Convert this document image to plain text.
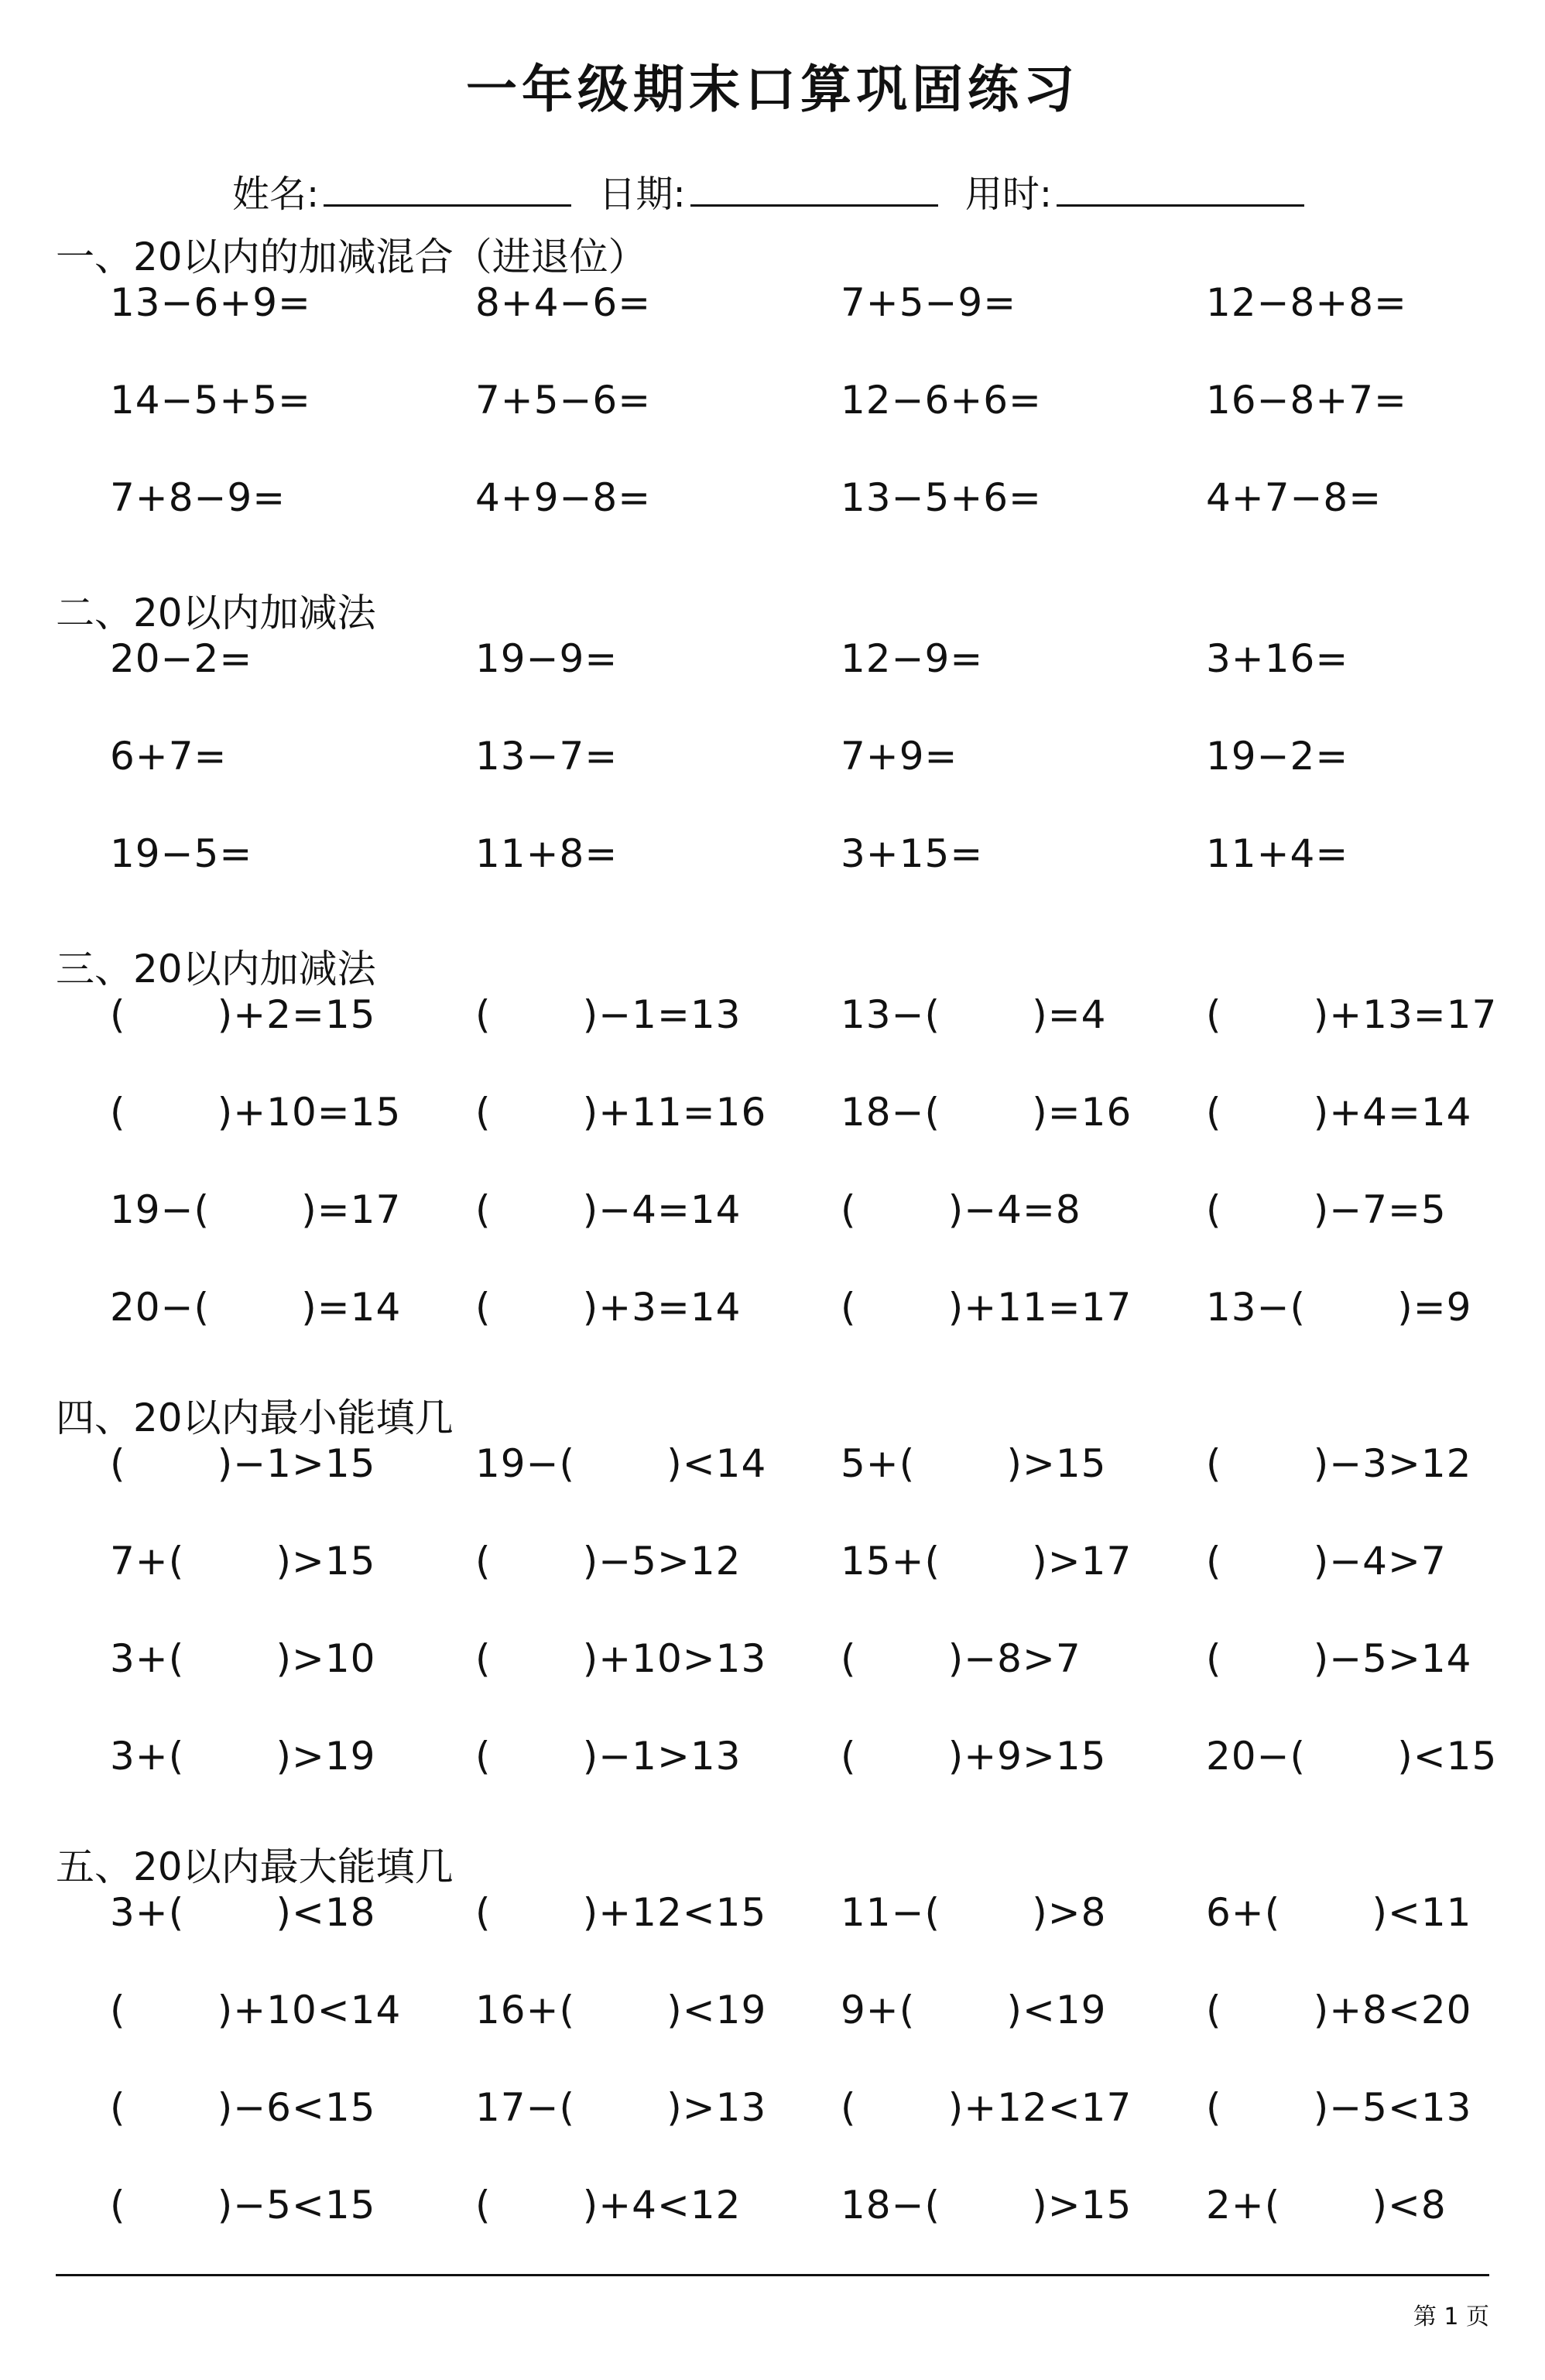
一年级期末口算巩固练习
姓名:	日期:	用时:
一、20以内的加减混合（进退位）
13−6+9=	8+4−6=	7+5−9=	12−8+8=
14−5+5=	7+5−6=	12−6+6=	16−8+7=
7+8−9=	4+9−8=	13−5+6=	4+7−8=
二、20以内加减法
20−2=	19−9=	12−9=	3+16=
6+7=	13−7=	7+9=	19−2=
19−5=	11+8=	3+15=	11+4=
三、20以内加减法
(       )+2=15	(       )−1=13	13−(       )=4	(       )+13=17
(       )+10=15 (       )+11=16 18−(       )=16 (       )+4=14
19−(       )=17 (       )−4=14	(       )−4=8	(       )−7=5
20−(       )=14 (       )+3=14	(       )+11=17 13−(       )=9
四、20以内最小能填几
(       )−1>15	19−(       )<14 5+(       )>15	(       )−3>12
7+(       )>15	(       )−5>12	15+(       )>17 (       )−4>7
3+(       )>10	(       )+10>13 (       )−8>7	(       )−5>14
3+(       )>19	(       )−1>13	(       )+9>15	20−(       )<15
五、20以内最大能填几
3+(       )<18	(       )+12<15 11−(       )>8	6+(       )<11
(       )+10<14 16+(       )<19 9+(       )<19	(       )+8<20
(       )−6<15	17−(       )>13 (       )+12<17 (       )−5<13
(       )−5<15	(       )+4<12	18−(       )>15 2+(       )<8
第 1 页
